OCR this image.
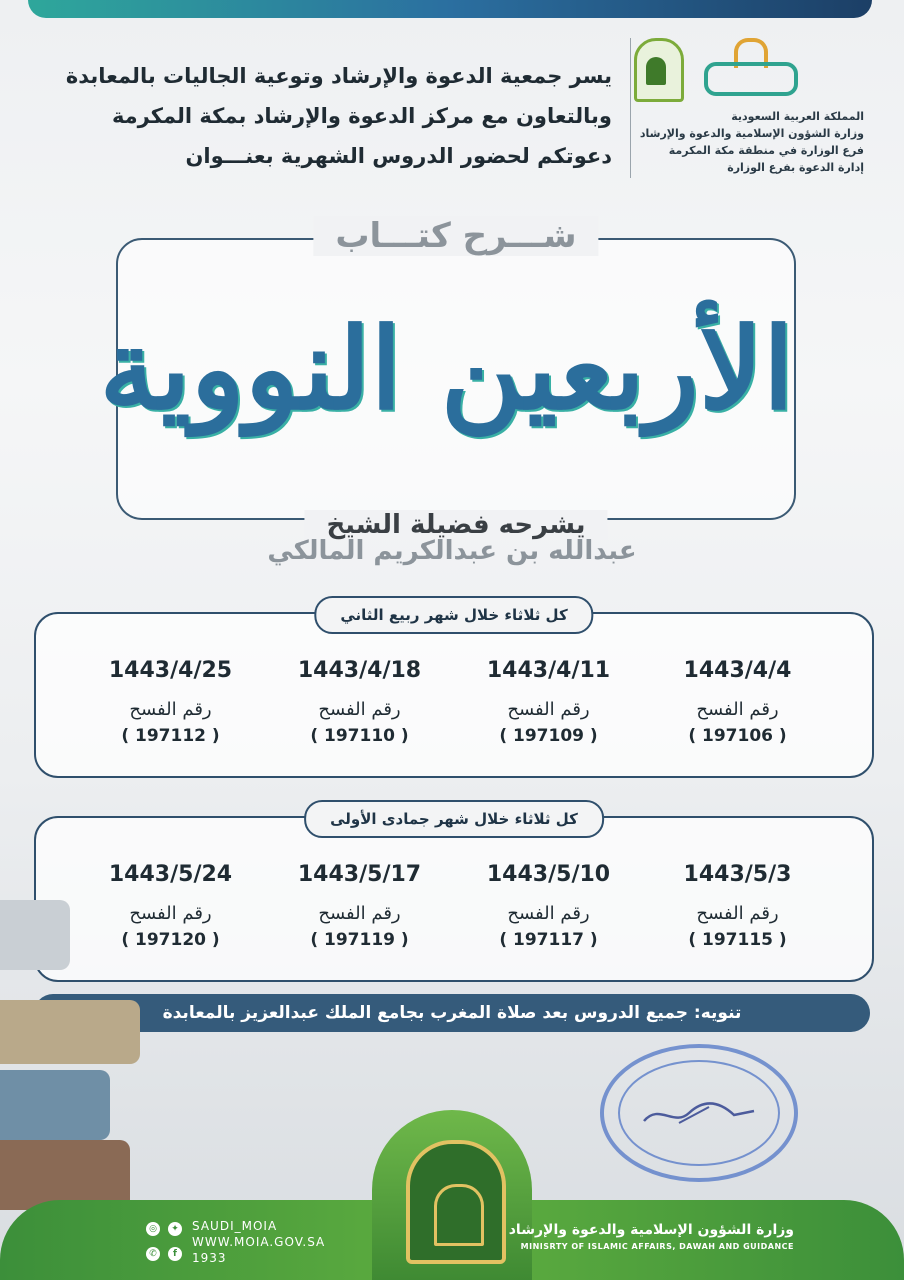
المملكة العربية السعودية
وزارة الشؤون الإسلامية والدعوة والإرشاد
فرع الوزارة في منطقة مكة المكرمة
إدارة الدعوة بفرع الوزارة
يسر جمعية الدعوة والإرشاد وتوعية الجاليات بالمعابدة
وبالتعاون مع مركز الدعوة والإرشاد بمكة المكرمة
دعوتكم لحضور الدروس الشهرية بعنـــوان
شـــرح كتـــاب
الأربعين النووية
يشرحه فضيلة الشيخ
عبدالله بن عبدالكريم المالكي
كل ثلاثاء خلال شهر ربيع الثاني
1443/4/4
رقم الفسح
( 197106 )
1443/4/11
رقم الفسح
( 197109 )
1443/4/18
رقم الفسح
( 197110 )
1443/4/25
رقم الفسح
( 197112 )
كل ثلاثاء خلال شهر جمادى الأولى
1443/5/3
رقم الفسح
( 197115 )
1443/5/10
رقم الفسح
( 197117 )
1443/5/17
رقم الفسح
( 197119 )
1443/5/24
رقم الفسح
( 197120 )
تنويه: جميع الدروس بعد صلاة المغرب بجامع الملك عبدالعزيز بالمعابدة
وزارة الشؤون الإسلامية والدعوة والإرشاد
MINISRTY OF ISLAMIC AFFAIRS, DAWAH AND GUIDANCE
◎	✦
✆	f
SAUDI_MOIA
WWW.MOIA.GOV.SA
1933
